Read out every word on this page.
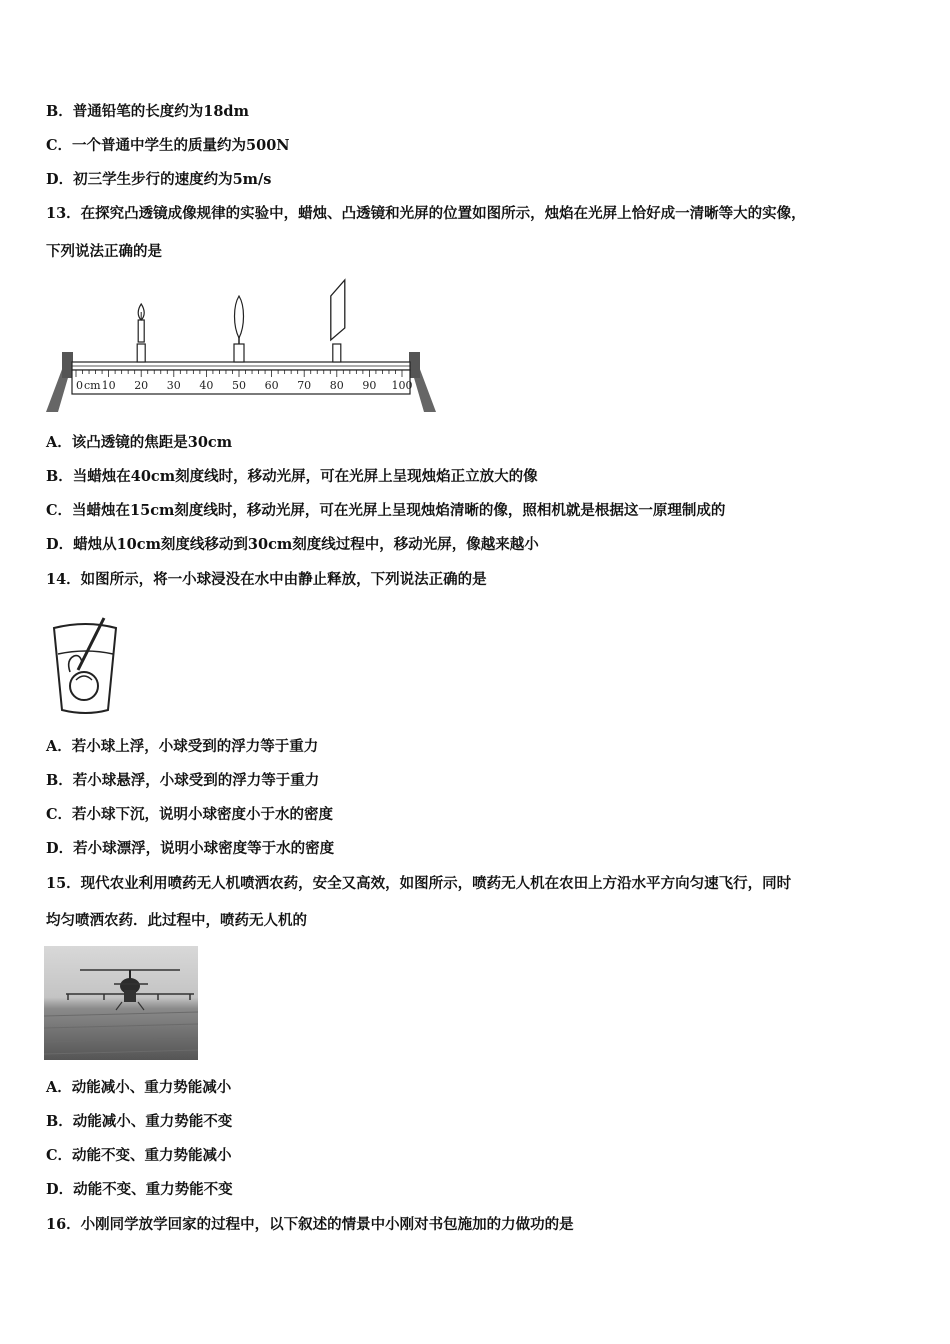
B．普通铅笔的长度约为18dm
C．一个普通中学生的质量约为500N
D．初三学生步行的速度约为5m/s
13．在探究凸透镜成像规律的实验中，蜡烛、凸透镜和光屏的位置如图所示，烛焰在光屏上恰好成一清晰等大的实像，
下列说法正确的是
0 cm 10 20 30 40 50 60 70 80 90 100
A．该凸透镜的焦距是30cm
B．当蜡烛在40cm刻度线时，移动光屏，可在光屏上呈现烛焰正立放大的像
C．当蜡烛在15cm刻度线时，移动光屏，可在光屏上呈现烛焰清晰的像，照相机就是根据这一原理制成的
D．蜡烛从10cm刻度线移动到30cm刻度线过程中，移动光屏，像越来越小
14．如图所示，将一小球浸没在水中由静止释放，下列说法正确的是
A．若小球上浮，小球受到的浮力等于重力
B．若小球悬浮，小球受到的浮力等于重力
C．若小球下沉，说明小球密度小于水的密度
D．若小球漂浮，说明小球密度等于水的密度
15．现代农业利用喷药无人机喷洒农药，安全又高效，如图所示，喷药无人机在农田上方沿水平方向匀速飞行，同时
均匀喷洒农药．此过程中，喷药无人机的
A．动能减小、重力势能减小
B．动能减小、重力势能不变
C．动能不变、重力势能减小
D．动能不变、重力势能不变
16．小刚同学放学回家的过程中，以下叙述的情景中小刚对书包施加的力做功的是
